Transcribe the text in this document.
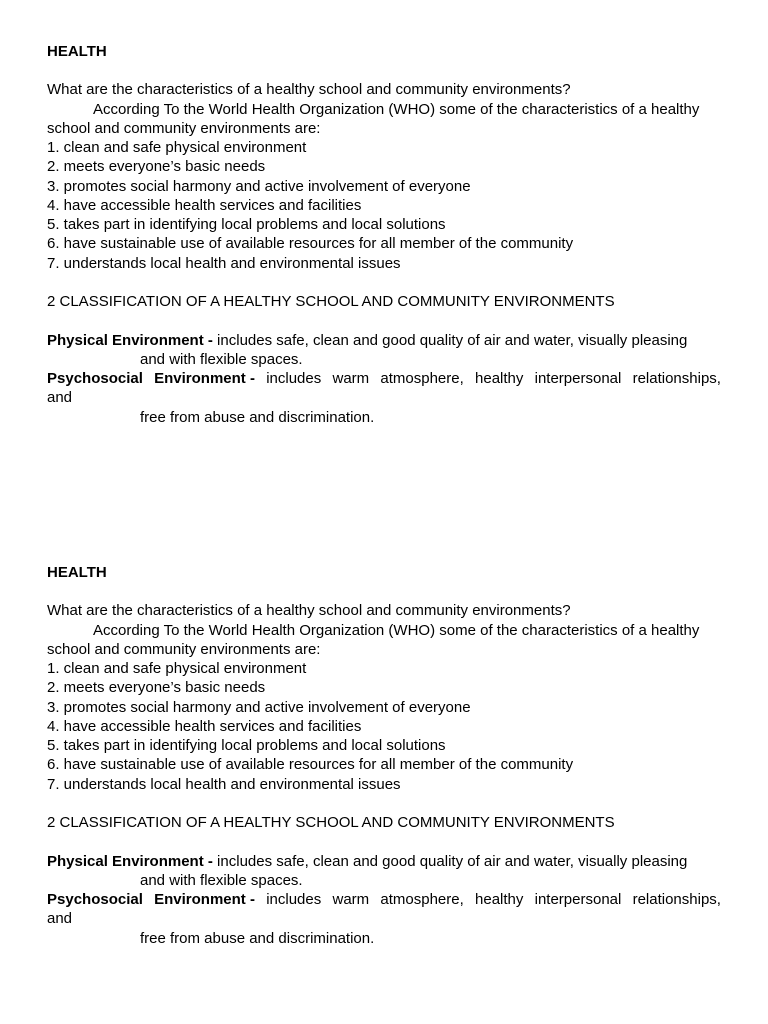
HEALTH
What are the characteristics of a healthy school and community environments?
According To the World Health Organization (WHO) some of the characteristics of a healthy
school and community environments are:
1. clean and safe physical environment
2. meets everyone’s basic needs
3. promotes social harmony and active involvement of everyone
4. have accessible health services and facilities
5. takes part in identifying local problems and local solutions
6. have sustainable use of available resources for all member of the community
7. understands local health and environmental issues
2 CLASSIFICATION OF A HEALTHY SCHOOL AND COMMUNITY ENVIRONMENTS
Physical Environment - includes safe, clean and good quality of air and water, visually pleasing
and with flexible spaces.
Psychosocial Environment - includes warm atmosphere, healthy interpersonal relationships,
and
free from abuse and discrimination.
HEALTH
What are the characteristics of a healthy school and community environments?
According To the World Health Organization (WHO) some of the characteristics of a healthy
school and community environments are:
1. clean and safe physical environment
2. meets everyone’s basic needs
3. promotes social harmony and active involvement of everyone
4. have accessible health services and facilities
5. takes part in identifying local problems and local solutions
6. have sustainable use of available resources for all member of the community
7. understands local health and environmental issues
2 CLASSIFICATION OF A HEALTHY SCHOOL AND COMMUNITY ENVIRONMENTS
Physical Environment - includes safe, clean and good quality of air and water, visually pleasing
and with flexible spaces.
Psychosocial Environment - includes warm atmosphere, healthy interpersonal relationships,
and
free from abuse and discrimination.
